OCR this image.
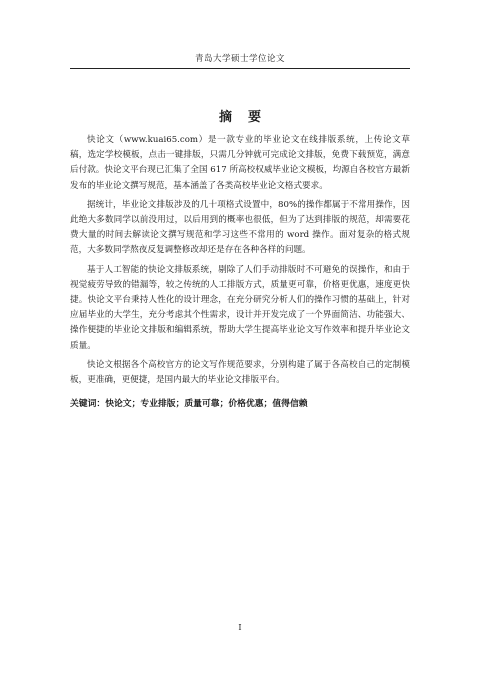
青岛大学硕士学位论文
摘要

快论文（www.kuai65.com）是一款专业的毕业论文在线排版系统，上传论文草稿，选定学校模板，点击一键排版，只需几分钟就可完成论文排版，免费下载预览，满意后付款。快论文平台现已汇集了全国 617 所高校权威毕业论文模板，均源自各校官方最新发布的毕业论文撰写规范，基本涵盖了各类高校毕业论文格式要求。

据统计，毕业论文排版涉及的几十项格式设置中，80%的操作都属于不常用操作，因此绝大多数同学以前没用过，以后用到的概率也很低，但为了达到排版的规范，却需要花费大量的时间去解读论文撰写规范和学习这些不常用的 word 操作。面对复杂的格式规范，大多数同学熬夜反复调整修改却还是存在各种各样的问题。

基于人工智能的快论文排版系统，剔除了人们手动排版时不可避免的误操作，和由于视觉疲劳导致的错漏等，较之传统的人工排版方式，质量更可靠，价格更优惠，速度更快捷。快论文平台秉持人性化的设计理念，在充分研究分析人们的操作习惯的基础上，针对应届毕业的大学生，充分考虑其个性需求，设计并开发完成了一个界面简洁、功能强大、操作便捷的毕业论文排版和编辑系统，帮助大学生提高毕业论文写作效率和提升毕业论文质量。

快论文根据各个高校官方的论文写作规范要求，分别构建了属于各高校自己的定制模板，更准确，更便捷，是国内最大的毕业论文排版平台。

关键词：快论文；专业排版；质量可靠；价格优惠；值得信赖
I
